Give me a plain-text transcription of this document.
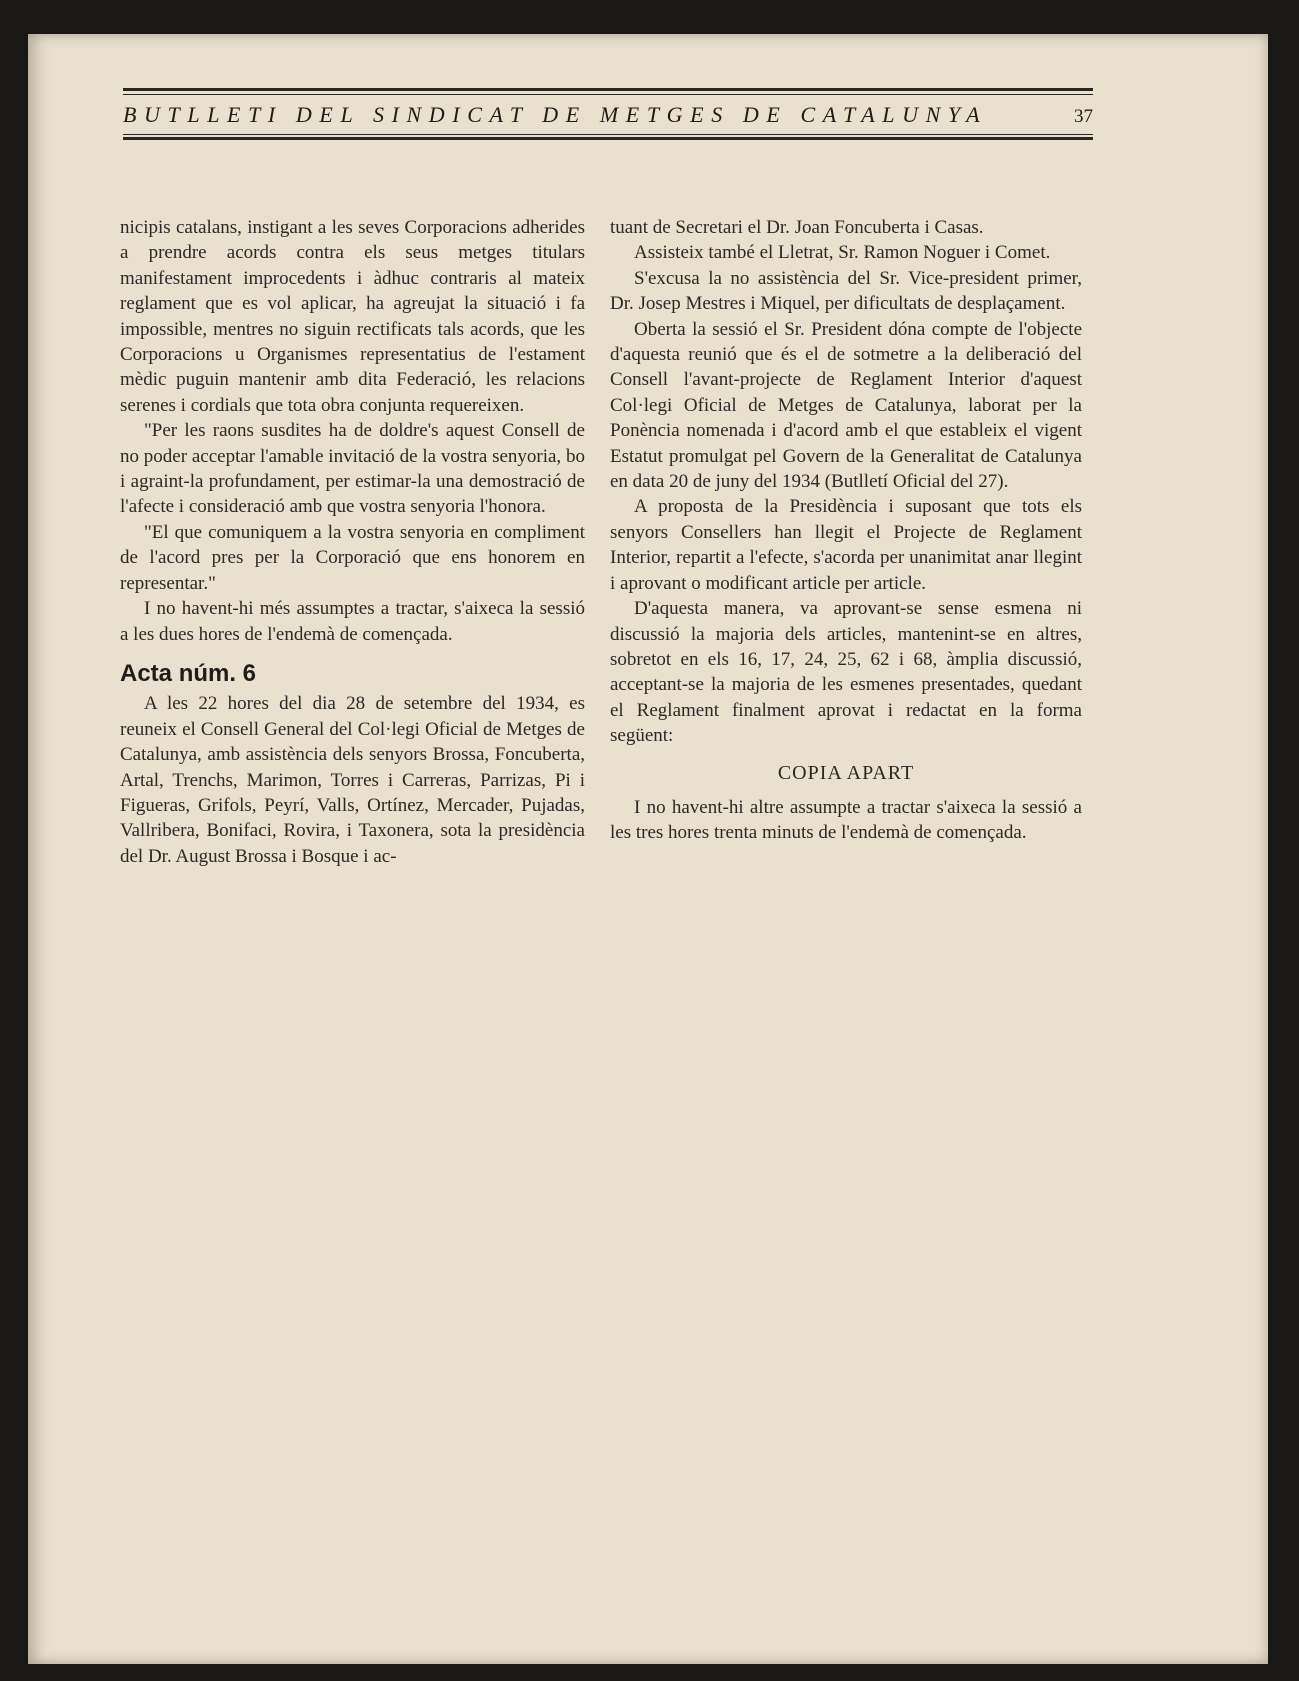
BUTLLETI DEL SINDICAT DE METGES DE CATALUNYA	37

nicipis catalans, instigant a les seves Corporacions adherides a prendre acords contra els seus metges titulars manifestament improcedents i àdhuc contraris al mateix reglament que es vol aplicar, ha agreujat la situació i fa impossible, mentres no siguin rectificats tals acords, que les Corporacions u Organismes representatius de l'estament mèdic puguin mantenir amb dita Federació, les relacions serenes i cordials que tota obra conjunta requereixen.

"Per les raons susdites ha de doldre's aquest Consell de no poder acceptar l'amable invitació de la vostra senyoria, bo i agraint-la profundament, per estimar-la una demostració de l'afecte i consideració amb que vostra senyoria l'honora.

"El que comuniquem a la vostra senyoria en compliment de l'acord pres per la Corporació que ens honorem en representar."

I no havent-hi més assumptes a tractar, s'aixeca la sessió a les dues hores de l'endemà de començada.

Acta núm. 6

A les 22 hores del dia 28 de setembre del 1934, es reuneix el Consell General del Col·legi Oficial de Metges de Catalunya, amb assistència dels senyors Brossa, Foncuberta, Artal, Trenchs, Marimon, Torres i Carreras, Parrizas, Pi i Figueras, Grifols, Peyrí, Valls, Ortínez, Mercader, Pujadas, Vallribera, Bonifaci, Rovira, i Taxonera, sota la presidència del Dr. August Brossa i Bosque i ac-

tuant de Secretari el Dr. Joan Foncuberta i Casas.

Assisteix també el Lletrat, Sr. Ramon Noguer i Comet.

S'excusa la no assistència del Sr. Vice-president primer, Dr. Josep Mestres i Miquel, per dificultats de desplaçament.

Oberta la sessió el Sr. President dóna compte de l'objecte d'aquesta reunió que és el de sotmetre a la deliberació del Consell l'avant-projecte de Reglament Interior d'aquest Col·legi Oficial de Metges de Catalunya, laborat per la Ponència nomenada i d'acord amb el que estableix el vigent Estatut promulgat pel Govern de la Generalitat de Catalunya en data 20 de juny del 1934 (Butlletí Oficial del 27).

A proposta de la Presidència i suposant que tots els senyors Consellers han llegit el Projecte de Reglament Interior, repartit a l'efecte, s'acorda per unanimitat anar llegint i aprovant o modificant article per article.

D'aquesta manera, va aprovant-se sense esmena ni discussió la majoria dels articles, mantenint-se en altres, sobretot en els 16, 17, 24, 25, 62 i 68, àmplia discussió, acceptant-se la majoria de les esmenes presentades, quedant el Reglament finalment aprovat i redactat en la forma següent:

COPIA APART

I no havent-hi altre assumpte a tractar s'aixeca la sessió a les tres hores trenta minuts de l'endemà de començada.
